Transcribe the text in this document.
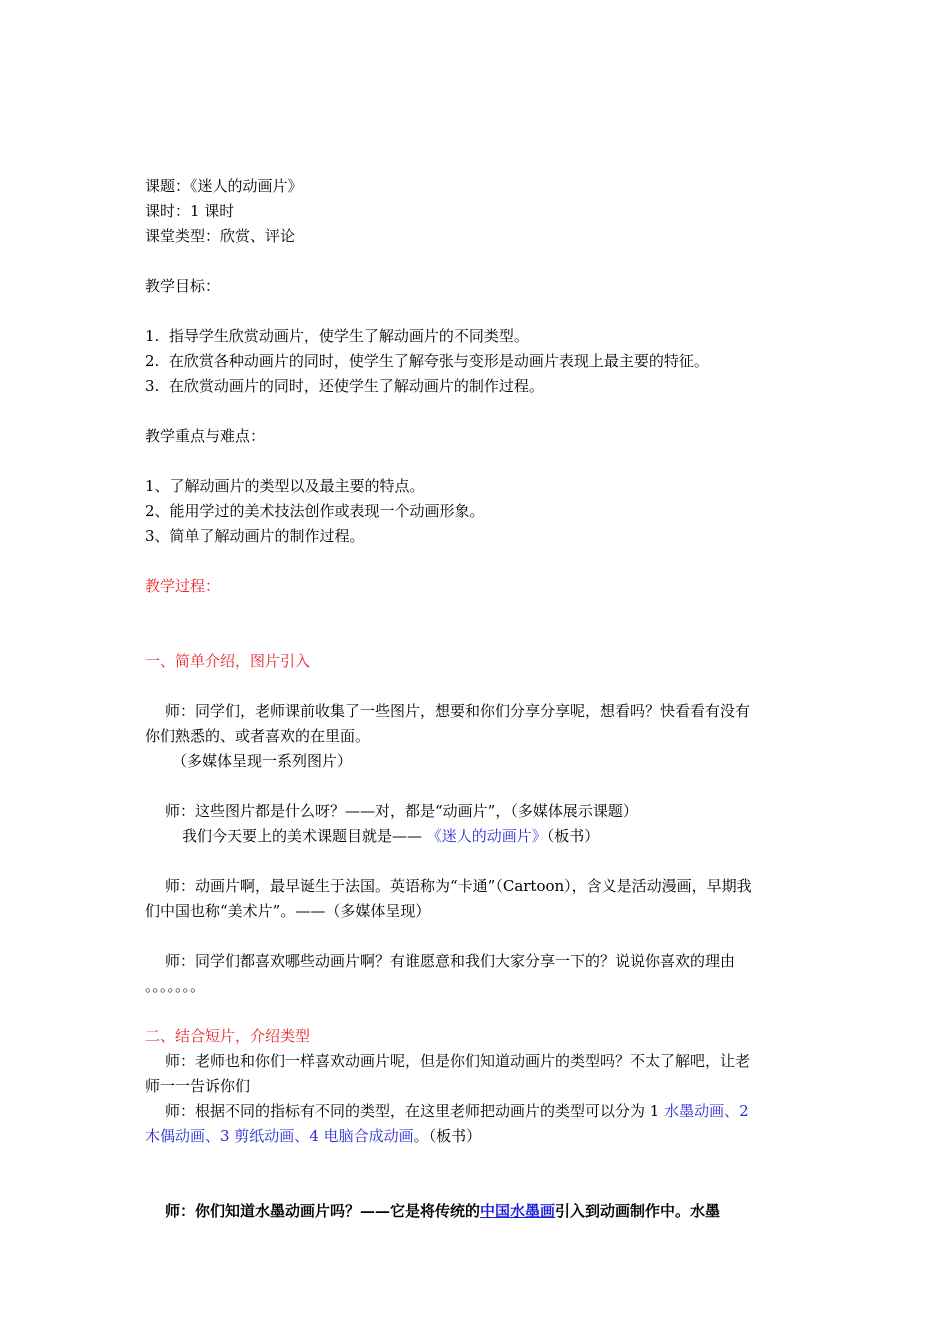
课题：《迷人的动画片》
课时：1 课时
课堂类型：欣赏、评论
教学目标：
1. 指导学生欣赏动画片，使学生了解动画片的不同类型。
2. 在欣赏各种动画片的同时，使学生了解夸张与变形是动画片表现上最主要的特征。
3. 在欣赏动画片的同时，还使学生了解动画片的制作过程。
教学重点与难点：
1、了解动画片的类型以及最主要的特点。
2、能用学过的美术技法创作或表现一个动画形象。
3、简单了解动画片的制作过程。
教学过程：
一、简单介绍，图片引入
师：同学们，老师课前收集了一些图片，想要和你们分享分享呢，想看吗？快看看有没有
你们熟悉的、或者喜欢的在里面。
（多媒体呈现一系列图片）
师：这些图片都是什么呀？——对，都是“动画片”，（多媒体展示课题）
我们今天要上的美术课题目就是—— 《迷人的动画片》（板书）
师：动画片啊，最早诞生于法国。英语称为“卡通”（Cartoon），含义是活动漫画，早期我
们中国也称“美术片”。——（多媒体呈现）
师：同学们都喜欢哪些动画片啊？有谁愿意和我们大家分享一下的？说说你喜欢的理由
。。。。。。。
二、结合短片，介绍类型
师：老师也和你们一样喜欢动画片呢，但是你们知道动画片的类型吗？不太了解吧，让老
师一一告诉你们
师：根据不同的指标有不同的类型，在这里老师把动画片的类型可以分为 1 水墨动画、2
木偶动画、3 剪纸动画、4 电脑合成动画。（板书）
师：你们知道水墨动画片吗？——它是将传统的中国水墨画引入到动画制作中。水墨
